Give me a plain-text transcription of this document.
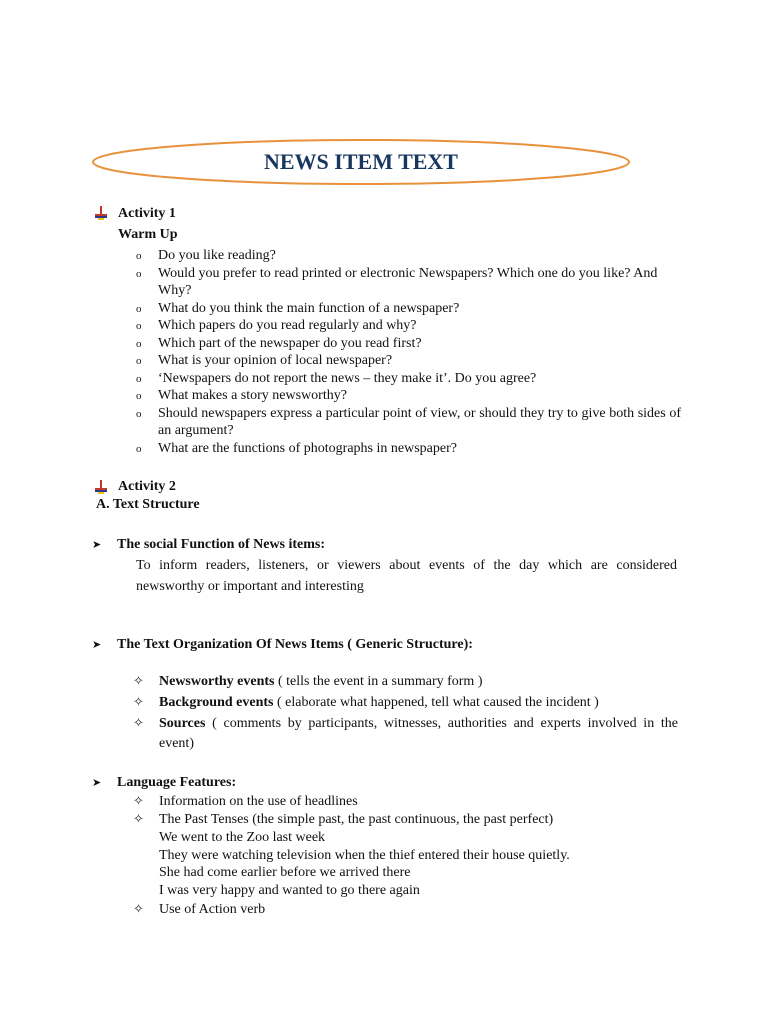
NEWS ITEM TEXT
Activity 1
Warm Up
o Do you like reading?
o Would you prefer to read printed or electronic Newspapers? Which one do you like? And Why?
o What do you think the main function of a newspaper?
o Which papers do you read regularly and why?
o Which part of the newspaper do you read first?
o What is your opinion of local newspaper?
o ‘Newspapers do not report the news – they make it’. Do you agree?
o What makes a story newsworthy?
o Should newspapers express a particular point of view, or should they try to give both sides of an argument?
o What are the functions of photographs in newspaper?
Activity 2
A. Text Structure
➤ The social Function of News items:
To inform readers, listeners, or viewers about events of the day which are considered newsworthy or important and interesting
➤ The Text Organization Of News Items ( Generic Structure):
✧ Newsworthy events ( tells the event in a summary form )
✧ Background events ( elaborate what happened, tell what caused the incident )
✧ Sources ( comments by participants, witnesses, authorities and experts involved in the event)
➤ Language Features:
✧ Information on the use of headlines
✧ The Past Tenses (the simple past, the past continuous, the past perfect)
We went to the Zoo last week
They were watching television when the thief entered their house quietly.
She had come earlier before we arrived there
I was very happy and wanted to go there again
✧ Use of Action verb
